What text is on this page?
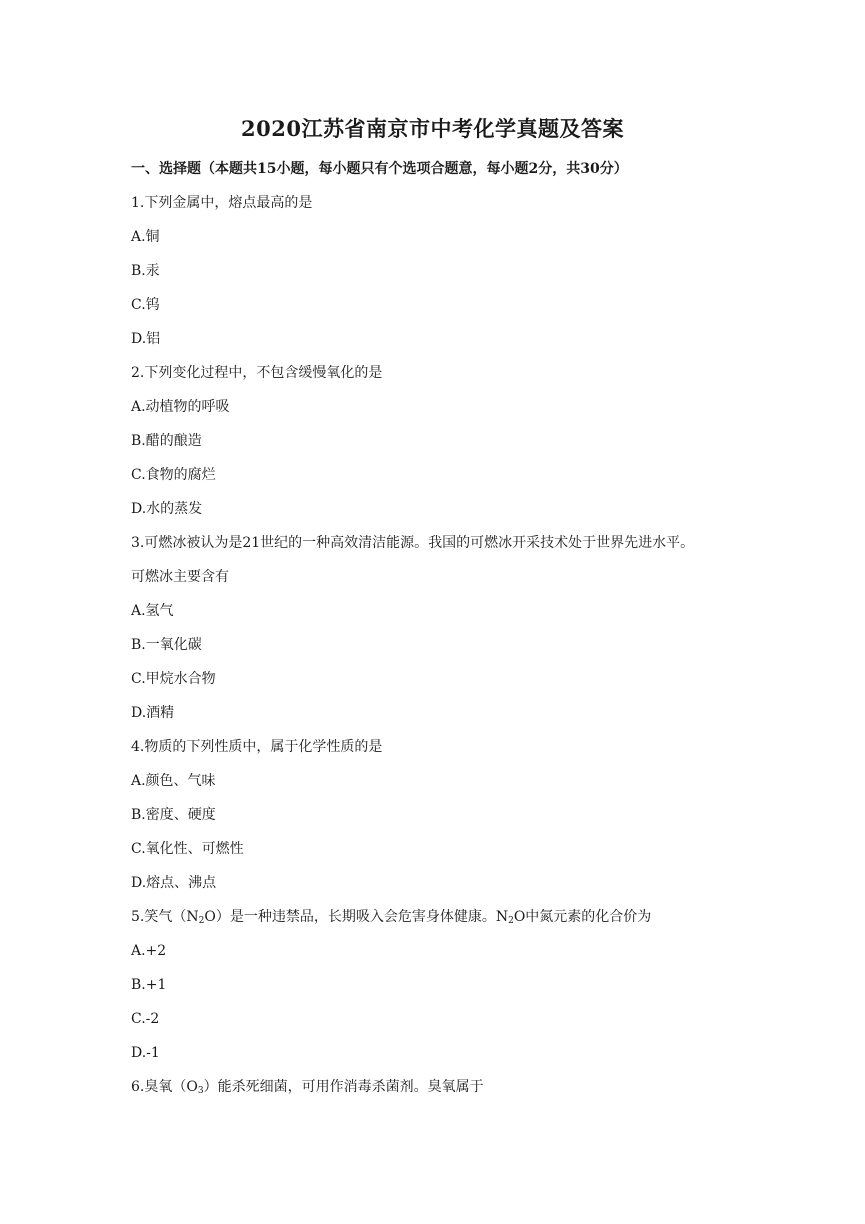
2020江苏省南京市中考化学真题及答案
一、选择题（本题共15小题，每小题只有个选项合题意，每小题2分，共30分）
1.下列金属中，熔点最高的是
A.铜
B.汞
C.钨
D.铝
2.下列变化过程中，不包含缓慢氧化的是
A.动植物的呼吸
B.醋的酿造
C.食物的腐烂
D.水的蒸发
3.可燃冰被认为是21世纪的一种高效清洁能源。我国的可燃冰开采技术处于世界先进水平。
可燃冰主要含有
A.氢气
B.一氧化碳
C.甲烷水合物
D.酒精
4.物质的下列性质中，属于化学性质的是
A.颜色、气味
B.密度、硬度
C.氧化性、可燃性
D.熔点、沸点
5.笑气$(N_2O)$是一种违禁品，长期吸入会危害身体健康。$N_2O$中氮元素的化合价为
A.+2
B.+1
C.-2
D.-1
6.臭氧$(O_3)$能杀死细菌，可用作消毒杀菌剂。臭氧属于
